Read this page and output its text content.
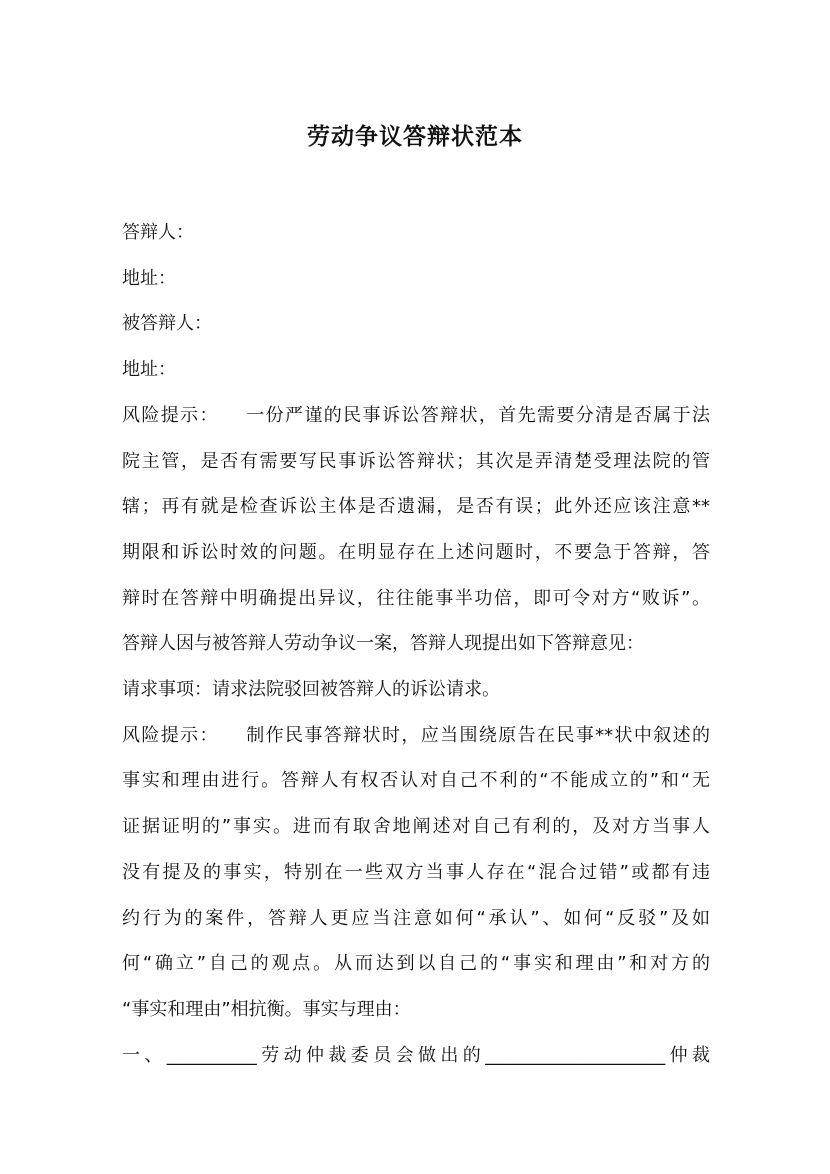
劳动争议答辩状范本
答辩人：
地址：
被答辩人：
地址：
风险提示： 一份严谨的民事诉讼答辩状，首先需要分清是否属于法
院主管，是否有需要写民事诉讼答辩状；其次是弄清楚受理法院的管
辖；再有就是检查诉讼主体是否遗漏，是否有误；此外还应该注意**
期限和诉讼时效的问题。在明显存在上述问题时，不要急于答辩，答
辩时在答辩中明确提出异议，往往能事半功倍，即可令对方“败诉”。
答辩人因与被答辩人劳动争议一案，答辩人现提出如下答辩意见：
请求事项：请求法院驳回被答辩人的诉讼请求。
风险提示： 制作民事答辩状时，应当围绕原告在民事**状中叙述的
事实和理由进行。答辩人有权否认对自己不利的“不能成立的”和“无
证据证明的”事实。进而有取舍地阐述对自己有利的，及对方当事人
没有提及的事实，特别在一些双方当事人存在“混合过错”或都有违
约行为的案件，答辩人更应当注意如何“承认”、如何“反驳”及如
何“确立”自己的观点。从而达到以自己的“事实和理由”和对方的
“事实和理由”相抗衡。事实与理由：
一、__________劳动仲裁委员会做出的____________________仲裁
